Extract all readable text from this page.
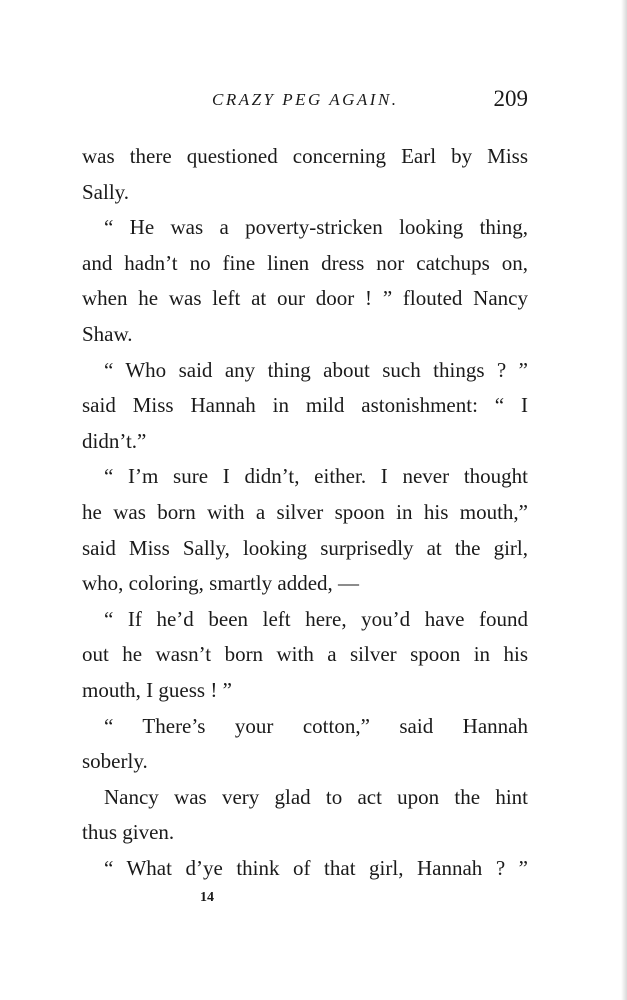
CRAZY PEG AGAIN.	209
was there questioned concerning Earl by Miss
Sally.
“ He was a poverty-stricken looking thing,
and hadn’t no fine linen dress nor catchups on,
when he was left at our door ! ” flouted Nancy
Shaw.
“ Who said any thing about such things ? ”
said Miss Hannah in mild astonishment: “ I
didn’t.”
“ I’m sure I didn’t, either. I never thought
he was born with a silver spoon in his mouth,”
said Miss Sally, looking surprisedly at the girl,
who, coloring, smartly added, —
“ If he’d been left here, you’d have found
out he wasn’t born with a silver spoon in his
mouth, I guess ! ”
“ There’s your cotton,” said Hannah
soberly.
Nancy was very glad to act upon the hint
thus given.
“ What d’ye think of that girl, Hannah ? ”
14
